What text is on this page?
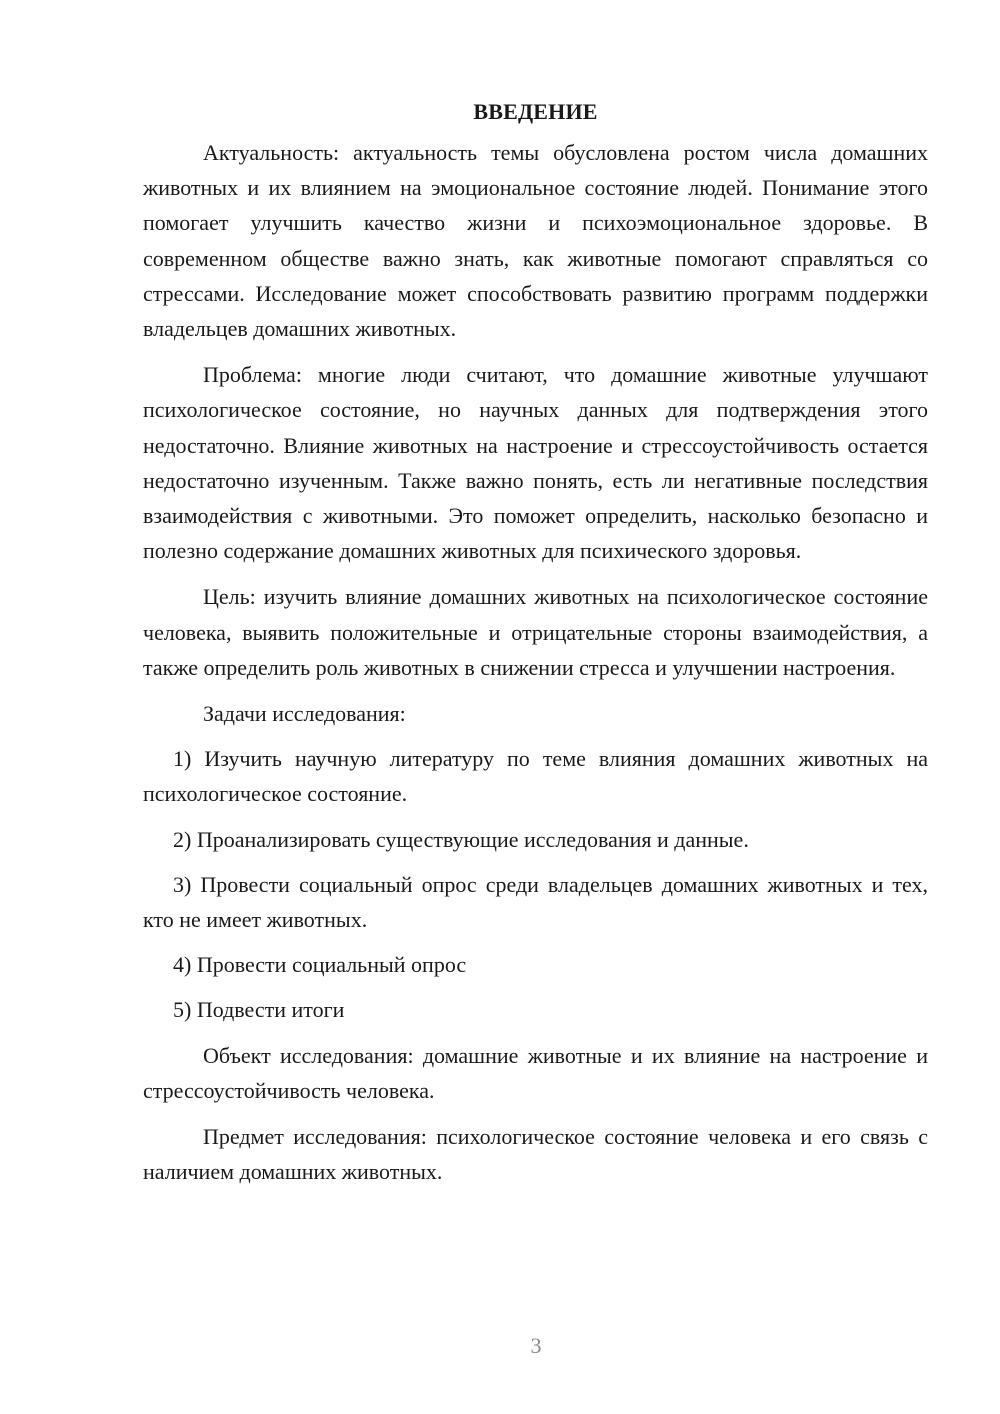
ВВЕДЕНИЕ

Актуальность: актуальность темы обусловлена ростом числа домашних животных и их влиянием на эмоциональное состояние людей. Понимание этого помогает улучшить качество жизни и психоэмоциональное здоровье. В современном обществе важно знать, как животные помогают справляться со стрессами. Исследование может способствовать развитию программ поддержки владельцев домашних животных.

Проблема: многие люди считают, что домашние животные улучшают психологическое состояние, но научных данных для подтверждения этого недостаточно. Влияние животных на настроение и стрессоустойчивость остается недостаточно изученным. Также важно понять, есть ли негативные последствия взаимодействия с животными. Это поможет определить, насколько безопасно и полезно содержание домашних животных для психического здоровья.

Цель: изучить влияние домашних животных на психологическое состояние человека, выявить положительные и отрицательные стороны взаимодействия, а также определить роль животных в снижении стресса и улучшении настроения.

Задачи исследования:

1) Изучить научную литературу по теме влияния домашних животных на психологическое состояние.

2) Проанализировать существующие исследования и данные.

3) Провести социальный опрос среди владельцев домашних животных и тех, кто не имеет животных.

4) Провести социальный опрос

5) Подвести итоги

Объект исследования: домашние животные и их влияние на настроение и стрессоустойчивость человека.

Предмет исследования: психологическое состояние человека и его связь с наличием домашних животных.

3
